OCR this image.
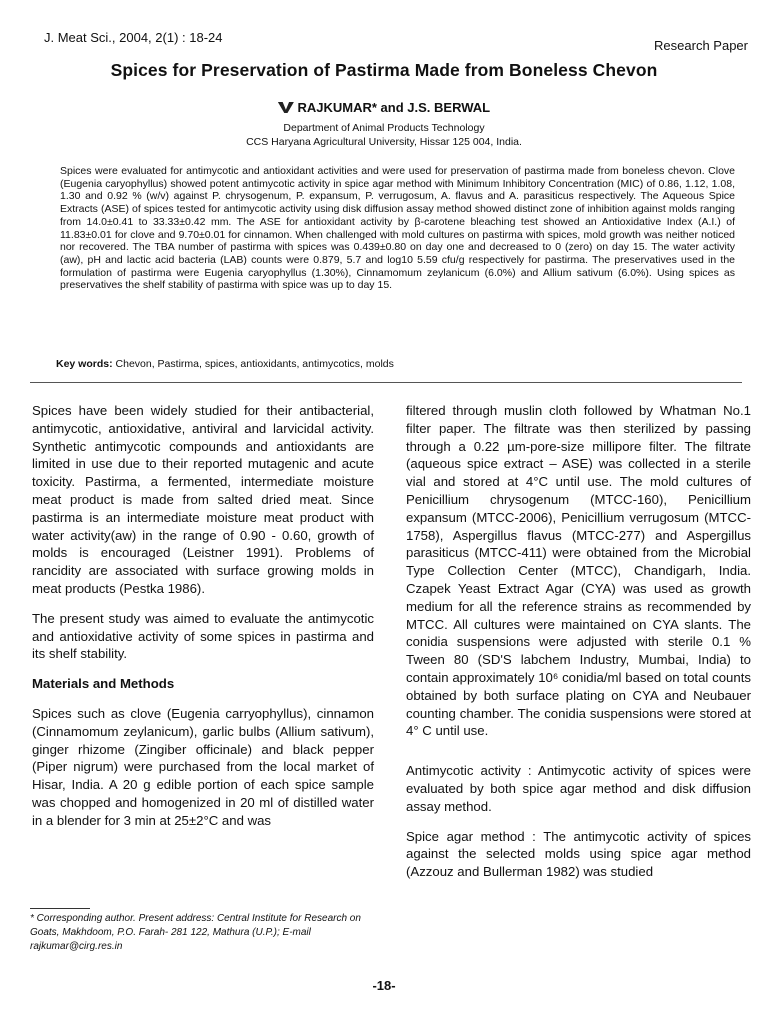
J. Meat Sci., 2004, 2(1) : 18-24
Research Paper
Spices for Preservation of Pastirma Made from Boneless Chevon
RAJKUMAR* and J.S. BERWAL
Department of Animal Products Technology
CCS Haryana Agricultural University, Hissar 125 004, India.
Spices were evaluated for antimycotic and antioxidant activities and were used for preservation of pastirma made from boneless chevon. Clove (Eugenia caryophyllus) showed potent antimycotic activity in spice agar method with Minimum Inhibitory Concentration (MIC) of 0.86, 1.12, 1.08, 1.30 and 0.92 % (w/v) against P. chrysogenum, P. expansum, P. verrugosum, A. flavus and A. parasiticus respectively. The Aqueous Spice Extracts (ASE) of spices tested for antimycotic activity using disk diffusion assay method showed distinct zone of inhibition against molds ranging from 14.0±0.41 to 33.33±0.42 mm. The ASE for antioxidant activity by β-carotene bleaching test showed an Antioxidative Index (A.I.) of 11.83±0.01 for clove and 9.70±0.01 for cinnamon. When challenged with mold cultures on pastirma with spices, mold growth was neither noticed nor recovered. The TBA number of pastirma with spices was 0.439±0.80 on day one and decreased to 0 (zero) on day 15. The water activity (aw), pH and lactic acid bacteria (LAB) counts were 0.879, 5.7 and log10 5.59 cfu/g respectively for pastirma. The preservatives used in the formulation of pastirma were Eugenia caryophyllus (1.30%), Cinnamomum zeylanicum (6.0%) and Allium sativum (6.0%). Using spices as preservatives the shelf stability of pastirma with spice was up to day 15.
Key words: Chevon, Pastirma, spices, antioxidants, antimycotics, molds

Spices have been widely studied for their antibacterial, antimycotic, antioxidative, antiviral and larvicidal activity. Synthetic antimycotic compounds and antioxidants are limited in use due to their reported mutagenic and acute toxicity. Pastirma, a fermented, intermediate moisture meat product is made from salted dried meat. Since pastirma is an intermediate moisture meat product with water activity(aw) in the range of 0.90 - 0.60, growth of molds is encouraged (Leistner 1991). Problems of rancidity are associated with surface growing molds in meat products (Pestka 1986).

The present study was aimed to evaluate the antimycotic and antioxidative activity of some spices in pastirma and its shelf stability.

Materials and Methods

Spices such as clove (Eugenia carryophyllus), cinnamon (Cinnamomum zeylanicum), garlic bulbs (Allium sativum), ginger rhizome (Zingiber officinale) and black pepper (Piper nigrum) were purchased from the local market of Hisar, India. A 20 g edible portion of each spice sample was chopped and homogenized in 20 ml of distilled water in a blender for 3 min at 25±2°C and was

filtered through muslin cloth followed by Whatman No.1 filter paper. The filtrate was then sterilized by passing through a 0.22 µm-pore-size millipore filter. The filtrate (aqueous spice extract – ASE) was collected in a sterile vial and stored at 4°C until use. The mold cultures of Penicillium chrysogenum (MTCC-160), Penicillium expansum (MTCC-2006), Penicillium verrugosum (MTCC-1758), Aspergillus flavus (MTCC-277) and Aspergillus parasiticus (MTCC-411) were obtained from the Microbial Type Collection Center (MTCC), Chandigarh, India. Czapek Yeast Extract Agar (CYA) was used as growth medium for all the reference strains as recommended by MTCC. All cultures were maintained on CYA slants. The conidia suspensions were adjusted with sterile 0.1 % Tween 80 (SD'S labchem Industry, Mumbai, India) to contain approximately 10⁶ conidia/ml based on total counts obtained by both surface plating on CYA and Neubauer counting chamber. The conidia suspensions were stored at 4° C until use.

Antimycotic activity : Antimycotic activity of spices were evaluated by both spice agar method and disk diffusion assay method.

Spice agar method : The antimycotic activity of spices against the selected molds using spice agar method (Azzouz and Bullerman 1982) was studied

* Corresponding author. Present address: Central Institute for Research on Goats, Makhdoom, P.O. Farah- 281 122, Mathura (U.P.); E-mail rajkumar@cirg.res.in
-18-
